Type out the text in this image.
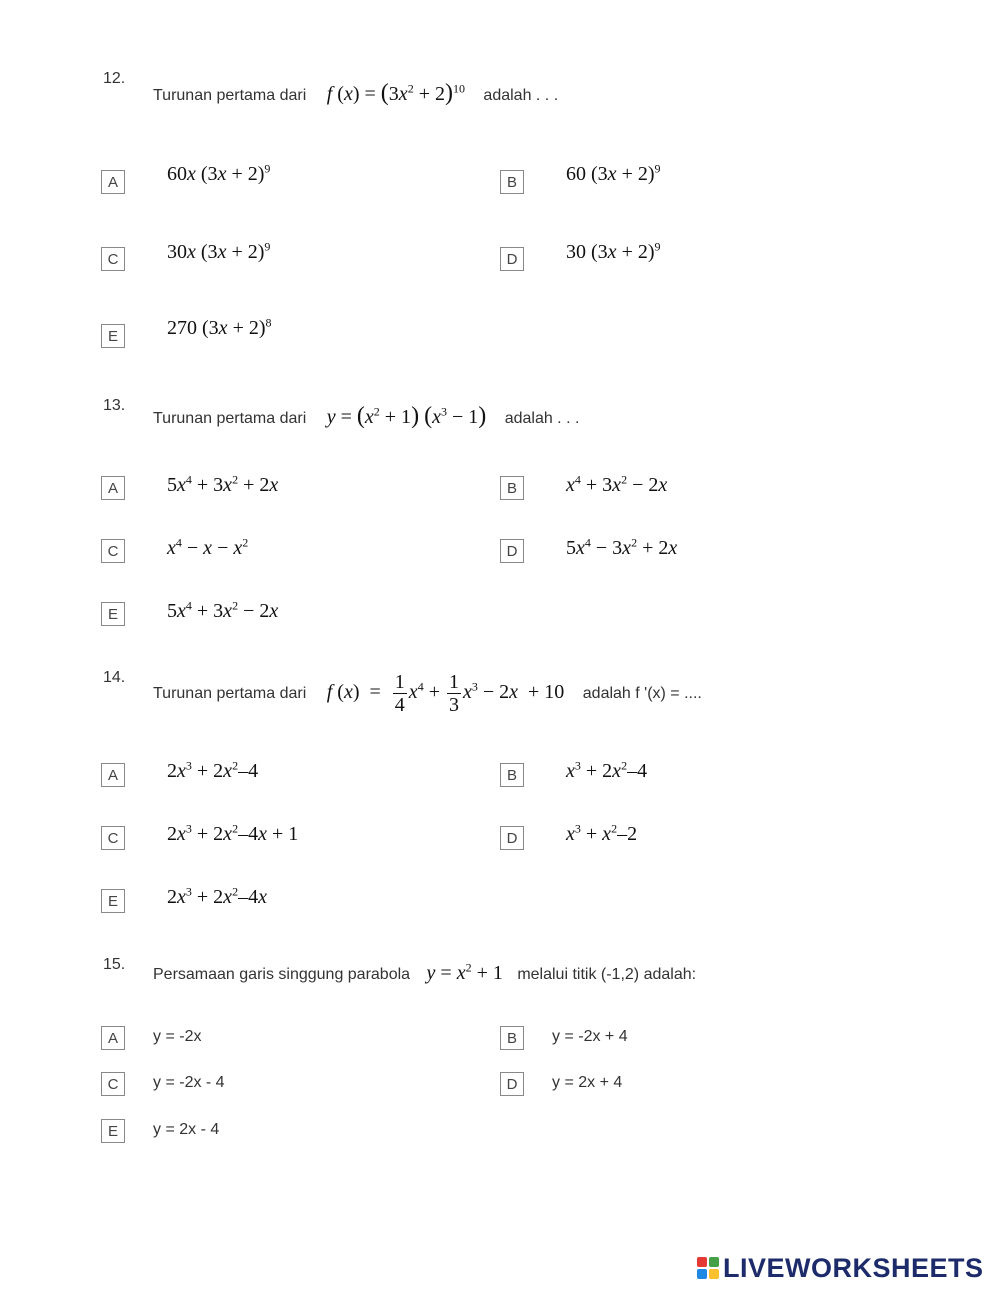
12.
Turunan pertama dari f $(x) = (3x^2 + 2)^{10}$ adalah . . .
A	60x $(3x + 2)^9$
B	60 $(3x + 2)^9$
C	30x $(3x + 2)^9$
D	30 $(3x + 2)^9$
E	270 $(3x + 2)^8$
13.
Turunan pertama dari $y = (x^2 + 1) (x^3 - 1)$ adalah . . .
A	$5x^4 + 3x^2 + 2x$	B	$x^4 + 3x^2 - 2x$
C	$x^4 - x - x^2$
D	$5x^4 - 3x^2 + 2x$
E	$5x^4 + 3x^2 - 2x$
14.
Turunan pertama dari f $(x) = \frac{1}{4} x^4 + \frac{1}{3} x^3 - 2x + 10$ adalah f '(x) = ....
A	$2x^3 + 2x^2-4$	B	$x^3 + 2x^2-4$
C	$2x^3 + 2x^2-4x + 1$	D	$x^3 + x^2-2$
E	$2x^3 + 2x^2-4x$
15.
Persamaan garis singgung parabola $y = x^2 + 1$ melalui titik (-1,2) adalah:
A	y = -2x	B	y = -2x + 4
C	y = -2x - 4	D	y = 2x + 4
E	y = 2x - 4
LIVEWORKSHEETS
